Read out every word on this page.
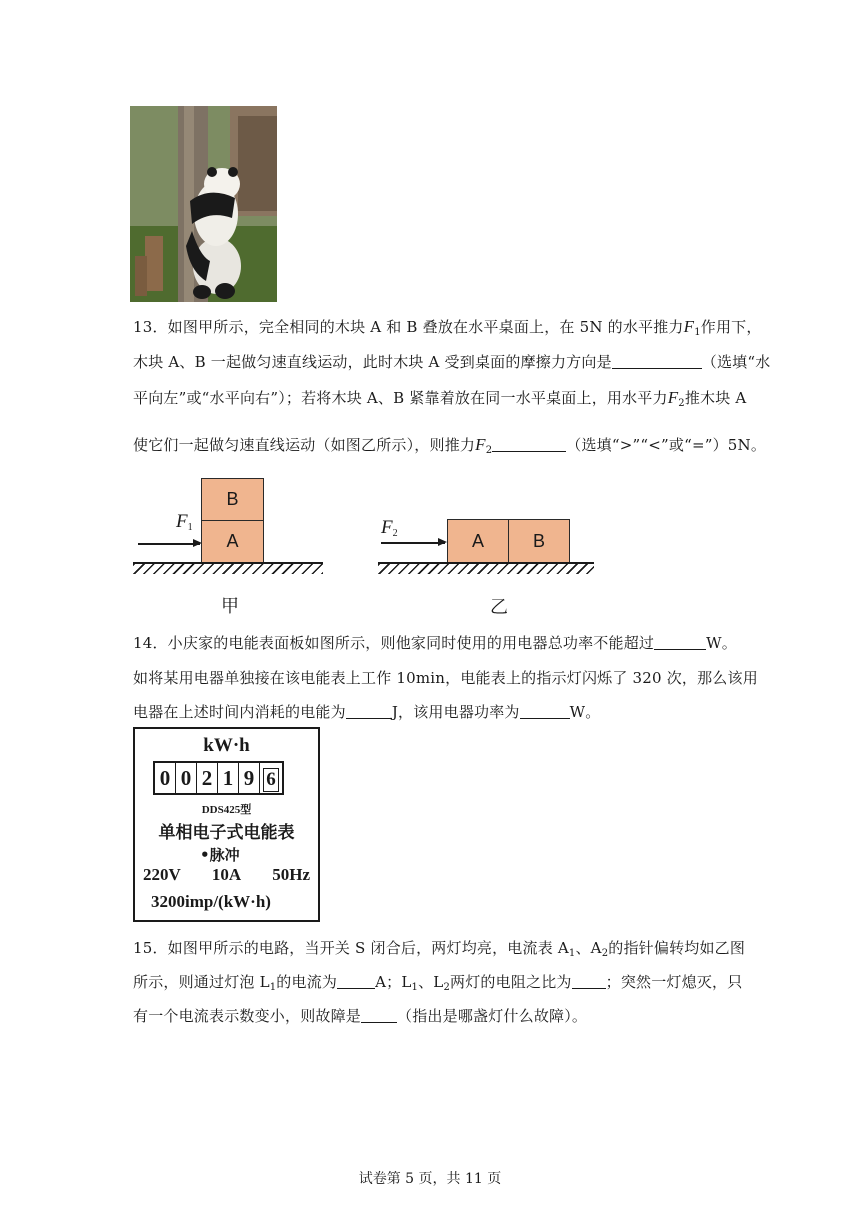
13．如图甲所示，完全相同的木块 A 和 B 叠放在水平桌面上，在 5N 的水平推力$F_1$作用下，
木块 A、B 一起做匀速直线运动，此时木块 A 受到桌面的摩擦力方向是	（选填“水
平向左”或“水平向右”）；若将木块 A、B 紧靠着放在同一水平桌面上，用水平力$F_2$推木块 A
使它们一起做匀速直线运动（如图乙所示），则推力$F_2$	（选填“>”“<”或“=”）5N。
$F_1$
B
A
甲
$F_2$	A	B
乙
14．小庆家的电能表面板如图所示，则他家同时使用的用电器总功率不能超过	W。
如将某用电器单独接在该电能表上工作 10min，电能表上的指示灯闪烁了 320 次，那么该用
电器在上述时间内消耗的电能为	J，该用电器功率为	W。
kW·h
0 0 2 1 9 6
DDS425型
单相电子式电能表
•脉冲
220V 10A 50Hz
3200imp/(kW·h)
15．如图甲所示的电路，当开关 S 闭合后，两灯均亮，电流表 $A_1$、$A_2$的指针偏转均如乙图
所示，则通过灯泡 $L_1$的电流为	A；$L_1$、$L_2$两灯的电阻之比为 ；突然一灯熄灭，只
有一个电流表示数变小，则故障是 （指出是哪盏灯什么故障）。
试卷第 5 页，共 11 页
